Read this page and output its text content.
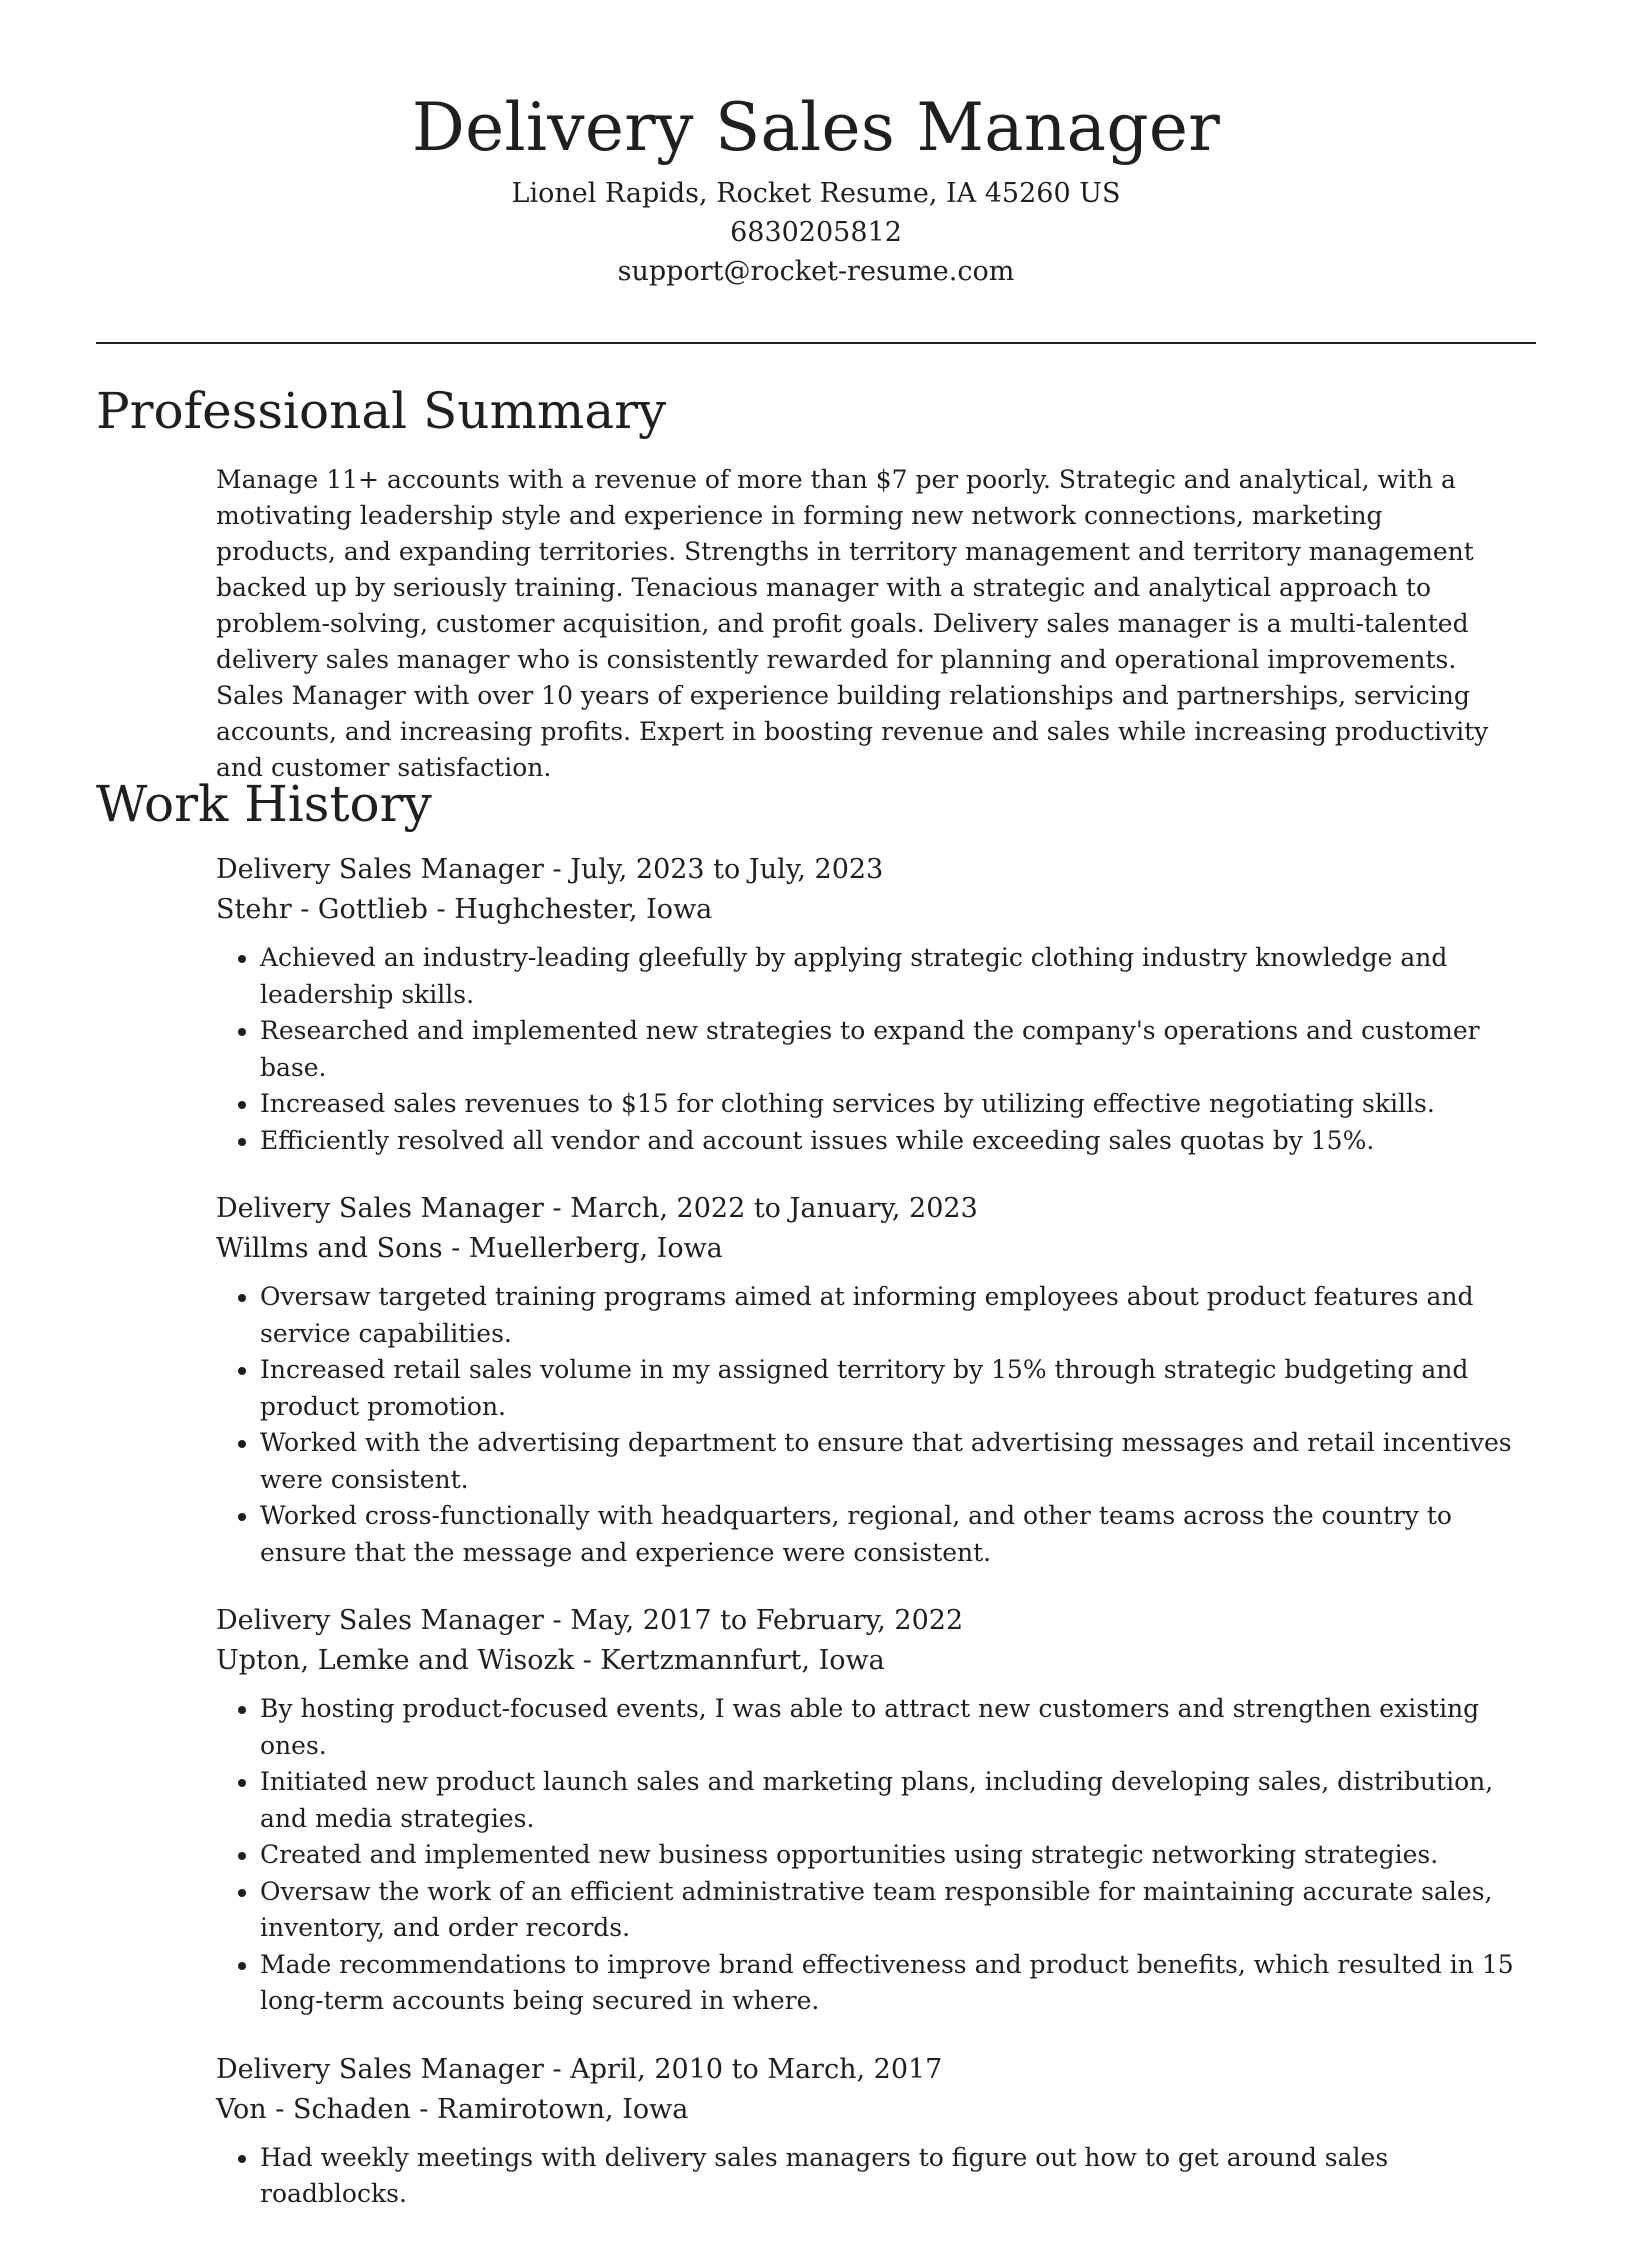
Delivery Sales Manager
Lionel Rapids, Rocket Resume, IA 45260 US
6830205812
support@rocket-resume.com
Professional Summary
Manage 11+ accounts with a revenue of more than $7 per poorly. Strategic and analytical, with a motivating leadership style and experience in forming new network connections, marketing products, and expanding territories. Strengths in territory management and territory management backed up by seriously training. Tenacious manager with a strategic and analytical approach to problem-solving, customer acquisition, and profit goals. Delivery sales manager is a multi-talented delivery sales manager who is consistently rewarded for planning and operational improvements. Sales Manager with over 10 years of experience building relationships and partnerships, servicing accounts, and increasing profits. Expert in boosting revenue and sales while increasing productivity and customer satisfaction.
Work History
Delivery Sales Manager - July, 2023 to July, 2023
Stehr - Gottlieb - Hughchester, Iowa
• Achieved an industry-leading gleefully by applying strategic clothing industry knowledge and leadership skills.
• Researched and implemented new strategies to expand the company's operations and customer base.
• Increased sales revenues to $15 for clothing services by utilizing effective negotiating skills.
• Efficiently resolved all vendor and account issues while exceeding sales quotas by 15%.
Delivery Sales Manager - March, 2022 to January, 2023
Willms and Sons - Muellerberg, Iowa
• Oversaw targeted training programs aimed at informing employees about product features and service capabilities.
• Increased retail sales volume in my assigned territory by 15% through strategic budgeting and product promotion.
• Worked with the advertising department to ensure that advertising messages and retail incentives were consistent.
• Worked cross-functionally with headquarters, regional, and other teams across the country to ensure that the message and experience were consistent.
Delivery Sales Manager - May, 2017 to February, 2022
Upton, Lemke and Wisozk - Kertzmannfurt, Iowa
• By hosting product-focused events, I was able to attract new customers and strengthen existing ones.
• Initiated new product launch sales and marketing plans, including developing sales, distribution, and media strategies.
• Created and implemented new business opportunities using strategic networking strategies.
• Oversaw the work of an efficient administrative team responsible for maintaining accurate sales, inventory, and order records.
• Made recommendations to improve brand effectiveness and product benefits, which resulted in 15 long-term accounts being secured in where.
Delivery Sales Manager - April, 2010 to March, 2017
Von - Schaden - Ramirotown, Iowa
• Had weekly meetings with delivery sales managers to figure out how to get around sales roadblocks.
